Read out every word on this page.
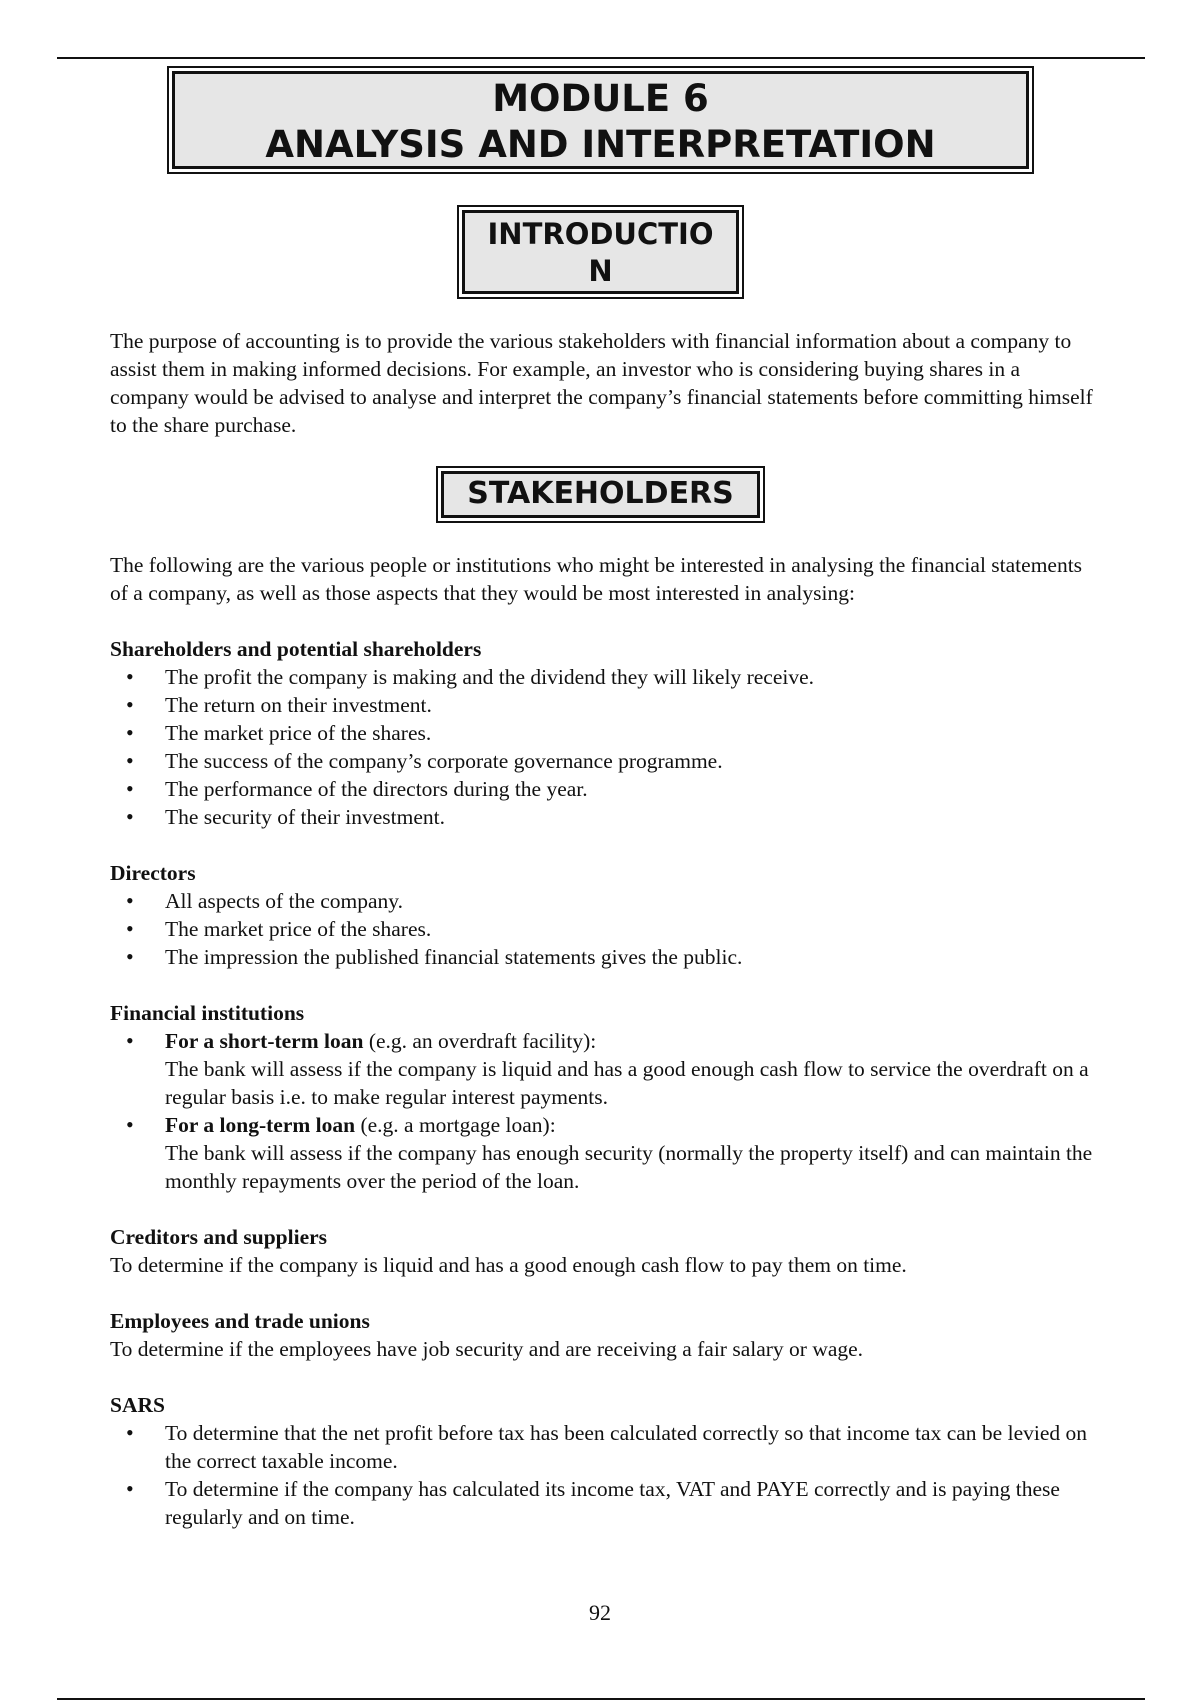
MODULE 6
ANALYSIS AND INTERPRETATION
INTRODUCTIO
N
The purpose of accounting is to provide the various stakeholders with financial information about a company to assist them in making informed decisions. For example, an investor who is considering buying shares in a company would be advised to analyse and interpret the company’s financial statements before committing himself to the share purchase.
STAKEHOLDERS
The following are the various people or institutions who might be interested in analysing the financial statements of a company, as well as those aspects that they would be most interested in analysing:
Shareholders and potential shareholders
• The profit the company is making and the dividend they will likely receive.
• The return on their investment.
• The market price of the shares.
• The success of the company’s corporate governance programme.
• The performance of the directors during the year.
• The security of their investment.
Directors
• All aspects of the company.
• The market price of the shares.
• The impression the published financial statements gives the public.
Financial institutions
• For a short-term loan (e.g. an overdraft facility):
The bank will assess if the company is liquid and has a good enough cash flow to service the overdraft on a regular basis i.e. to make regular interest payments.
• For a long-term loan (e.g. a mortgage loan):
The bank will assess if the company has enough security (normally the property itself) and can maintain the monthly repayments over the period of the loan.
Creditors and suppliers
To determine if the company is liquid and has a good enough cash flow to pay them on time.
Employees and trade unions
To determine if the employees have job security and are receiving a fair salary or wage.
SARS
• To determine that the net profit before tax has been calculated correctly so that income tax can be levied on the correct taxable income.
• To determine if the company has calculated its income tax, VAT and PAYE correctly and is paying these regularly and on time.
92
